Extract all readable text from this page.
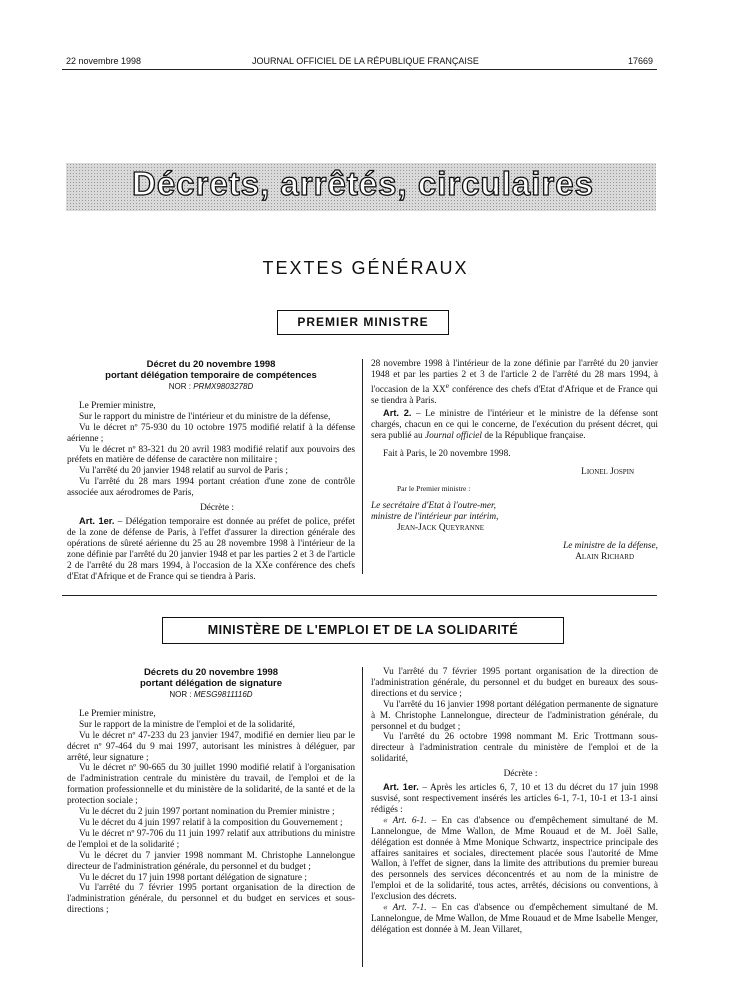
22 novembre 1998	JOURNAL OFFICIEL DE LA RÉPUBLIQUE FRANÇAISE	17669
Décrets, arrêtés, circulaires
TEXTES GÉNÉRAUX
PREMIER MINISTRE
Décret du 20 novembre 1998
portant délégation temporaire de compétences
NOR : PRMX9803278D

Le Premier ministre,

Sur le rapport du ministre de l'intérieur et du ministre de la défense,

Vu le décret nº 75-930 du 10 octobre 1975 modifié relatif à la défense aérienne ;

Vu le décret nº 83-321 du 20 avril 1983 modifié relatif aux pouvoirs des préfets en matière de défense de caractère non militaire ;

Vu l'arrêté du 20 janvier 1948 relatif au survol de Paris ;

Vu l'arrêté du 28 mars 1994 portant création d'une zone de contrôle associée aux aérodromes de Paris,

Décrète :

Art. 1er. – Délégation temporaire est donnée au préfet de police, préfet de la zone de défense de Paris, à l'effet d'assurer la direction générale des opérations de sûreté aérienne du 25 au 28 novembre 1998 à l'intérieur de la zone définie par l'arrêté du 20 janvier 1948 et par les parties 2 et 3 de l'article 2 de l'arrêté du 28 mars 1994, à l'occasion de la XXe conférence des chefs d'Etat d'Afrique et de France qui se tiendra à Paris.

28 novembre 1998 à l'intérieur de la zone définie par l'arrêté du 20 janvier 1948 et par les parties 2 et 3 de l'article 2 de l'arrêté du 28 mars 1994, à l'occasion de la XXe conférence des chefs d'Etat d'Afrique et de France qui se tiendra à Paris.

Art. 2. – Le ministre de l'intérieur et le ministre de la défense sont chargés, chacun en ce qui le concerne, de l'exécution du présent décret, qui sera publié au Journal officiel de la République française.

Fait à Paris, le 20 novembre 1998.

Lionel Jospin
Par le Premier ministre :
Le secrétaire d'Etat à l'outre-mer,
ministre de l'intérieur par intérim,
Jean-Jack Queyranne
Le ministre de la défense,
Alain Richard
MINISTÈRE DE L'EMPLOI ET DE LA SOLIDARITÉ
Décrets du 20 novembre 1998
portant délégation de signature
NOR : MESG9811116D

Le Premier ministre,

Sur le rapport de la ministre de l'emploi et de la solidarité,

Vu le décret nº 47-233 du 23 janvier 1947, modifié en dernier lieu par le décret nº 97-464 du 9 mai 1997, autorisant les ministres à déléguer, par arrêté, leur signature ;

Vu le décret nº 90-665 du 30 juillet 1990 modifié relatif à l'organisation de l'administration centrale du ministère du travail, de l'emploi et de la formation professionnelle et du ministère de la solidarité, de la santé et de la protection sociale ;

Vu le décret du 2 juin 1997 portant nomination du Premier ministre ;

Vu le décret du 4 juin 1997 relatif à la composition du Gouvernement ;

Vu le décret nº 97-706 du 11 juin 1997 relatif aux attributions du ministre de l'emploi et de la solidarité ;

Vu le décret du 7 janvier 1998 nommant M. Christophe Lannelongue directeur de l'administration générale, du personnel et du budget ;

Vu le décret du 17 juin 1998 portant délégation de signature ;

Vu l'arrêté du 7 février 1995 portant organisation de la direction de l'administration générale, du personnel et du budget en services et sous-directions ;

Vu l'arrêté du 7 février 1995 portant organisation de la direction de l'administration générale, du personnel et du budget en bureaux des sous-directions et du service ;

Vu l'arrêté du 16 janvier 1998 portant délégation permanente de signature à M. Christophe Lannelongue, directeur de l'administration générale, du personnel et du budget ;

Vu l'arrêté du 26 octobre 1998 nommant M. Eric Trottmann sous-directeur à l'administration centrale du ministère de l'emploi et de la solidarité,

Décrète :

Art. 1er. – Après les articles 6, 7, 10 et 13 du décret du 17 juin 1998 susvisé, sont respectivement insérés les articles 6-1, 7-1, 10-1 et 13-1 ainsi rédigés :

« Art. 6-1. – En cas d'absence ou d'empêchement simultané de M. Lannelongue, de Mme Wallon, de Mme Rouaud et de M. Joël Salle, délégation est donnée à Mme Monique Schwartz, inspectrice principale des affaires sanitaires et sociales, directement placée sous l'autorité de Mme Wallon, à l'effet de signer, dans la limite des attributions du premier bureau des personnels des services déconcentrés et au nom de la ministre de l'emploi et de la solidarité, tous actes, arrêtés, décisions ou conventions, à l'exclusion des décrets.

« Art. 7-1. – En cas d'absence ou d'empêchement simultané de M. Lannelongue, de Mme Wallon, de Mme Rouaud et de Mme Isabelle Menger, délégation est donnée à M. Jean Villaret,
